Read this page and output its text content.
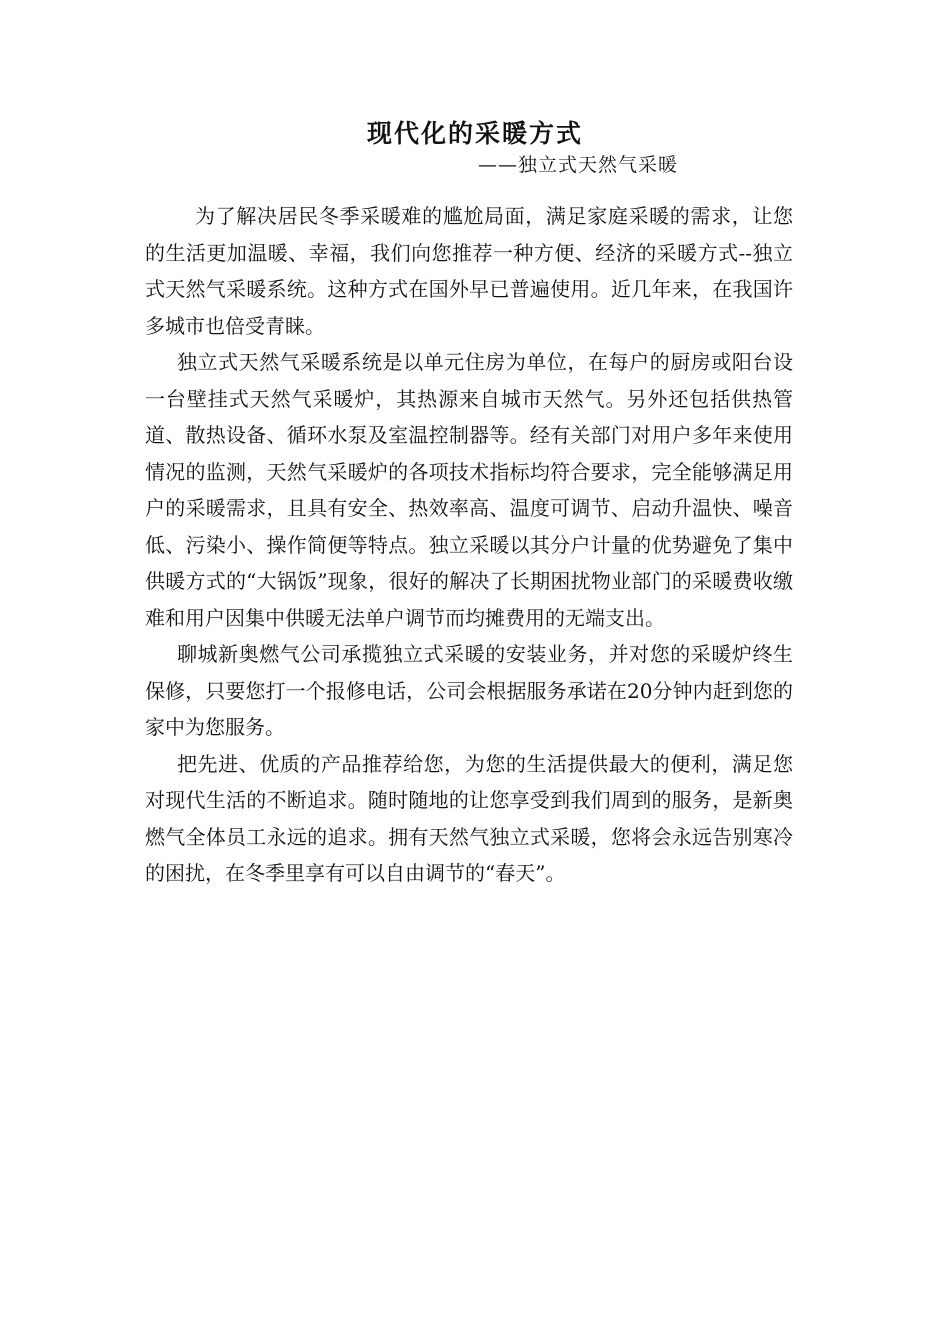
现代化的采暖方式
——独立式天然气采暖

为了解决居民冬季采暖难的尴尬局面，满足家庭采暖的需求，让您的生活更加温暖、幸福，我们向您推荐一种方便、经济的采暖方式--独立式天然气采暖系统。这种方式在国外早已普遍使用。近几年来，在我国许多城市也倍受青睐。

独立式天然气采暖系统是以单元住房为单位，在每户的厨房或阳台设一台壁挂式天然气采暖炉，其热源来自城市天然气。另外还包括供热管道、散热设备、循环水泵及室温控制器等。经有关部门对用户多年来使用情况的监测，天然气采暖炉的各项技术指标均符合要求，完全能够满足用户的采暖需求，且具有安全、热效率高、温度可调节、启动升温快、噪音低、污染小、操作简便等特点。独立采暖以其分户计量的优势避免了集中供暖方式的“大锅饭”现象，很好的解决了长期困扰物业部门的采暖费收缴难和用户因集中供暖无法单户调节而均摊费用的无端支出。

聊城新奥燃气公司承揽独立式采暖的安装业务，并对您的采暖炉终生保修，只要您打一个报修电话，公司会根据服务承诺在20分钟内赶到您的家中为您服务。

把先进、优质的产品推荐给您，为您的生活提供最大的便利，满足您对现代生活的不断追求。随时随地的让您享受到我们周到的服务，是新奥燃气全体员工永远的追求。拥有天然气独立式采暖，您将会永远告别寒冷的困扰，在冬季里享有可以自由调节的“春天”。
